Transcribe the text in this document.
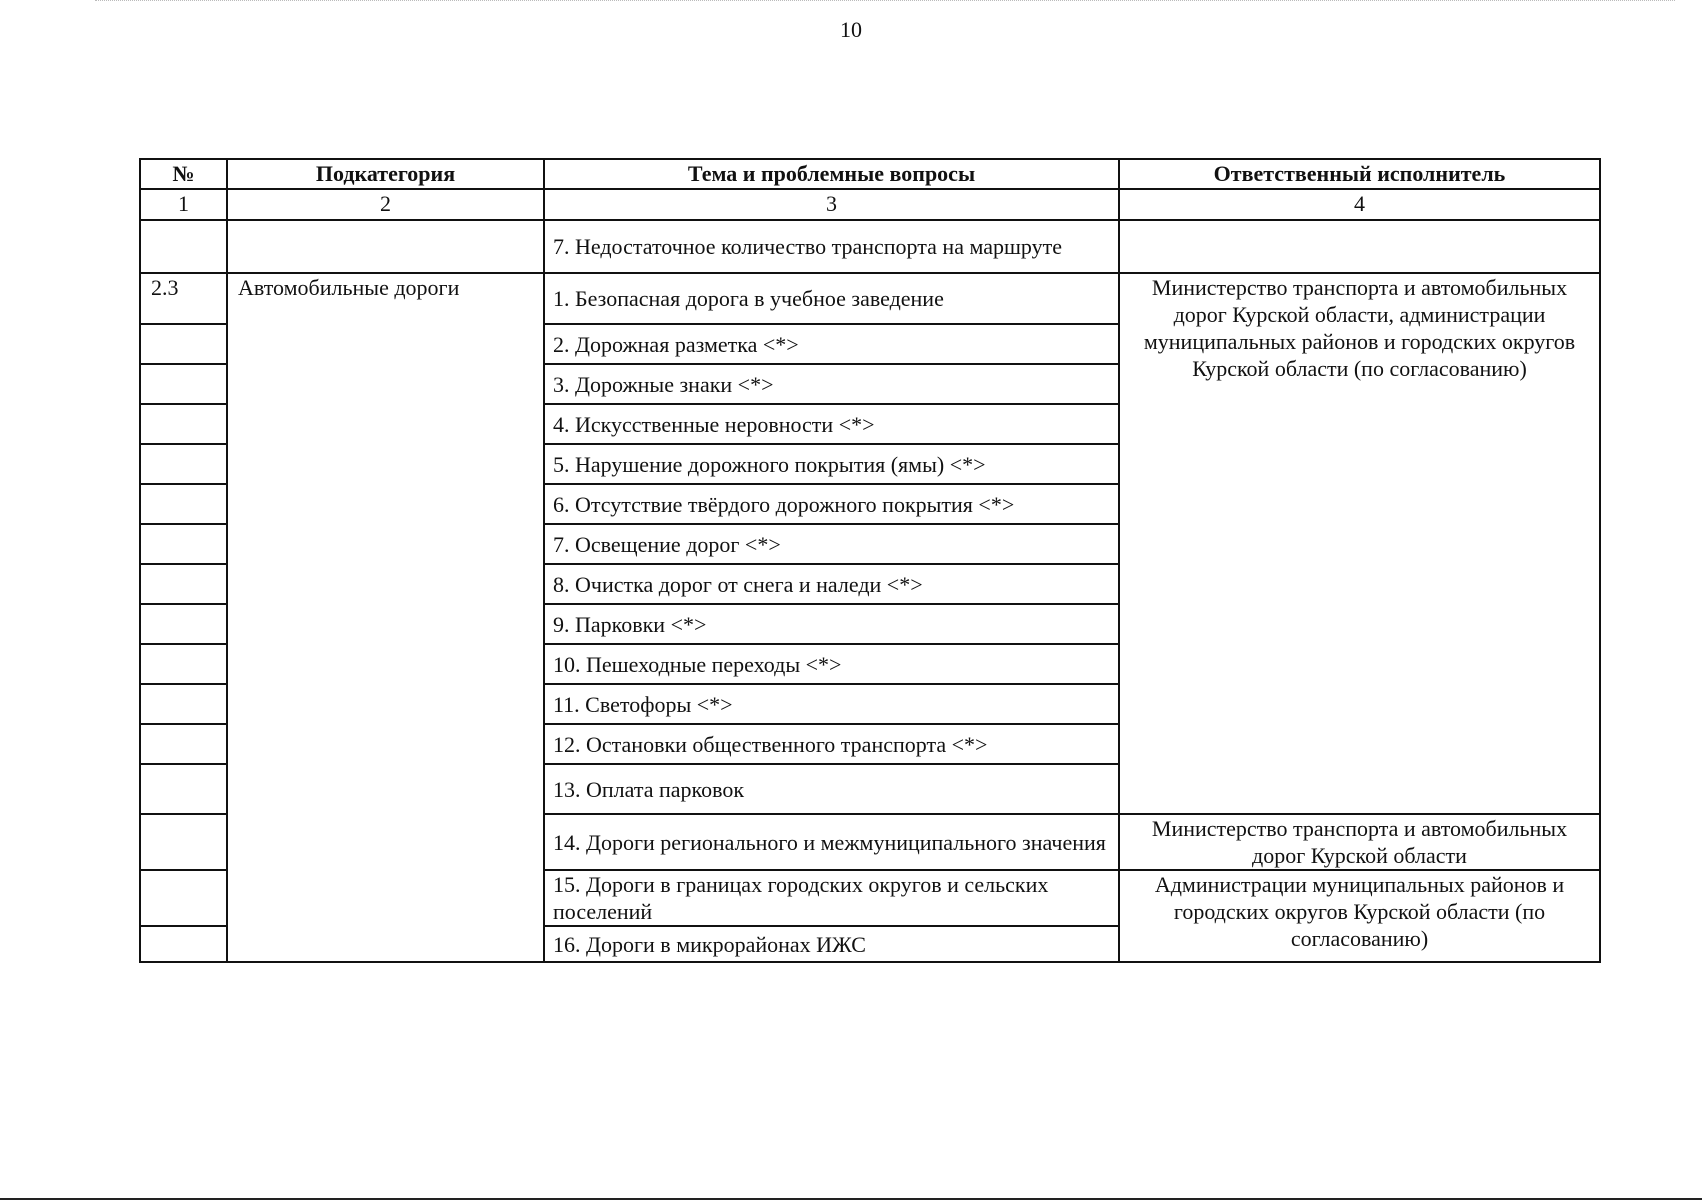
10
№	Подкатегория	Тема и проблемные вопросы	Ответственный исполнитель
1	2	3	4
		7. Недостаточное количество транспорта на маршруте	
2.3	Автомобильные дороги	1. Безопасная дорога в учебное заведение	Министерство транспорта и автомобильных дорог Курской области, администрации муниципальных районов и городских округов Курской области (по согласованию)
		2. Дорожная разметка <*>	
		3. Дорожные знаки <*>	
		4. Искусственные неровности <*>	
		5. Нарушение дорожного покрытия (ямы) <*>	
		6. Отсутствие твёрдого дорожного покрытия <*>	
		7. Освещение дорог <*>	
		8. Очистка дорог от снега и наледи <*>	
		9. Парковки <*>	
		10. Пешеходные переходы <*>	
		11. Светофоры <*>	
		12. Остановки общественного транспорта <*>	
		13. Оплата парковок	
		14. Дороги регионального и межмуниципального значения	Министерство транспорта и автомобильных дорог Курской области
		15. Дороги в границах городских округов и сельских поселений	Администрации муниципальных районов и городских округов Курской области (по согласованию)
		16. Дороги в микрорайонах ИЖС	
